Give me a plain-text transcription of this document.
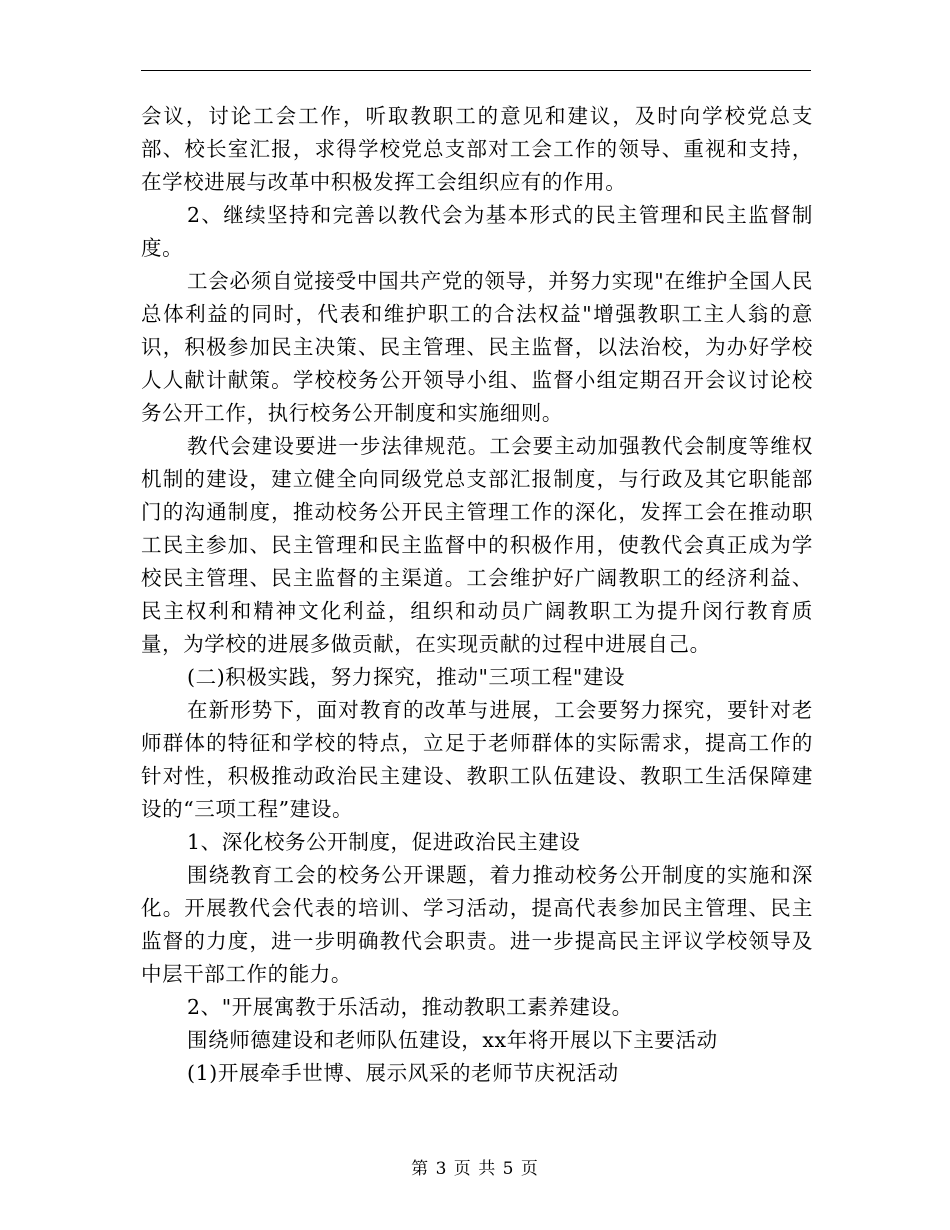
会议，讨论工会工作，听取教职工的意见和建议，及时向学校党总支部、校长室汇报，求得学校党总支部对工会工作的领导、重视和支持，在学校进展与改革中积极发挥工会组织应有的作用。

2、继续坚持和完善以教代会为基本形式的民主管理和民主监督制度。

工会必须自觉接受中国共产党的领导，并努力实现"在维护全国人民总体利益的同时，代表和维护职工的合法权益"增强教职工主人翁的意识，积极参加民主决策、民主管理、民主监督，以法治校，为办好学校人人献计献策。学校校务公开领导小组、监督小组定期召开会议讨论校务公开工作，执行校务公开制度和实施细则。

教代会建设要进一步法律规范。工会要主动加强教代会制度等维权机制的建设，建立健全向同级党总支部汇报制度，与行政及其它职能部门的沟通制度，推动校务公开民主管理工作的深化，发挥工会在推动职工民主参加、民主管理和民主监督中的积极作用，使教代会真正成为学校民主管理、民主监督的主渠道。工会维护好广阔教职工的经济利益、民主权利和精神文化利益，组织和动员广阔教职工为提升闵行教育质量，为学校的进展多做贡献，在实现贡献的过程中进展自己。

(二)积极实践，努力探究，推动"三项工程"建设

在新形势下，面对教育的改革与进展，工会要努力探究，要针对老师群体的特征和学校的特点，立足于老师群体的实际需求，提高工作的针对性，积极推动政治民主建设、教职工队伍建设、教职工生活保障建设的“三项工程”建设。

1、深化校务公开制度，促进政治民主建设

围绕教育工会的校务公开课题，着力推动校务公开制度的实施和深化。开展教代会代表的培训、学习活动，提高代表参加民主管理、民主监督的力度，进一步明确教代会职责。进一步提高民主评议学校领导及中层干部工作的能力。

2、"开展寓教于乐活动，推动教职工素养建设。

围绕师德建设和老师队伍建设，xx年将开展以下主要活动

(1)开展牵手世博、展示风采的老师节庆祝活动

第 3 页 共 5 页
